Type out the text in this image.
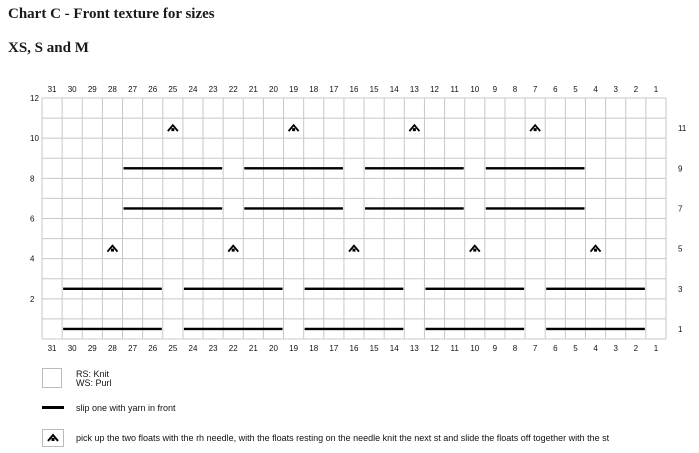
Chart C - Front texture for sizes
XS, S and M
31
31
30
30
29
29
28
28
27
27
26
26
25
25
24
24
23
23
22
22
21
21
20
20
19
19
18
18
17
17
16
16
15
15
14
14
13
13
12
12
11
11
10
10
9
9
8
8
7
7
6
6
5
5
4
4
3
3
2
2
1
1
12
10
8
6
4
2
11
9
7
5
3
1
RS: Knit
WS: Purl
slip one with yarn in front
pick up the two floats with the rh needle, with the floats resting on the needle knit the next st and slide the floats off together with the st
